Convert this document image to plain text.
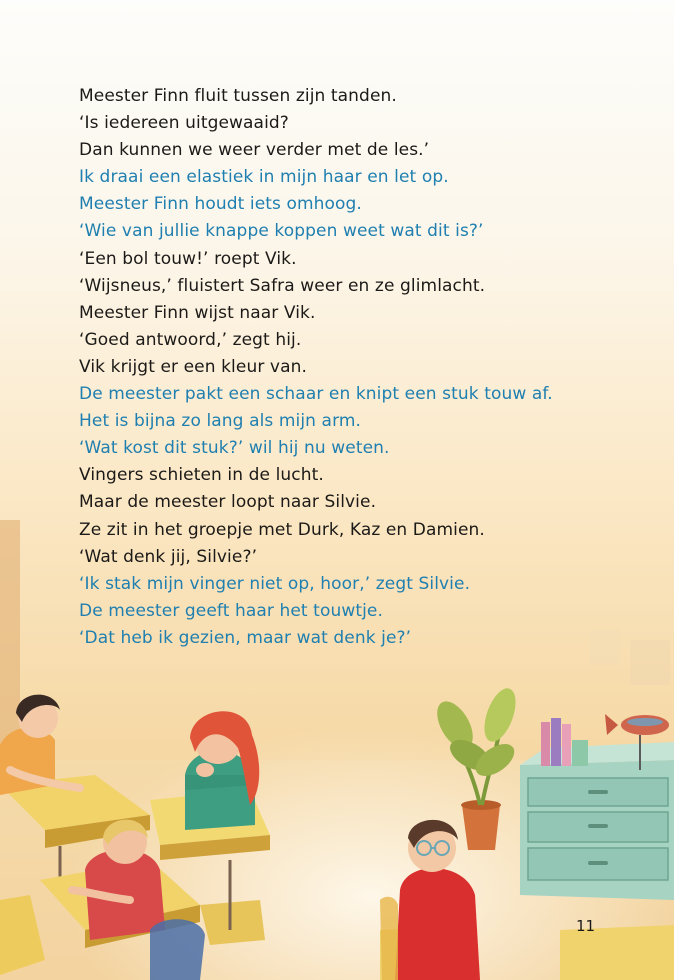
Meester Finn fluit tussen zijn tanden.
‘Is iedereen uitgewaaid?
Dan kunnen we weer verder met de les.’
Ik draai een elastiek in mijn haar en let op.
Meester Finn houdt iets omhoog.
‘Wie van jullie knappe koppen weet wat dit is?’
‘Een bol touw!’ roept Vik.
‘Wijsneus,’ fluistert Safra weer en ze glimlacht.
Meester Finn wijst naar Vik.
‘Goed antwoord,’ zegt hij.
Vik krijgt er een kleur van.
De meester pakt een schaar en knipt een stuk touw af.
Het is bijna zo lang als mijn arm.
‘Wat kost dit stuk?’ wil hij nu weten.
Vingers schieten in de lucht.
Maar de meester loopt naar Silvie.
Ze zit in het groepje met Durk, Kaz en Damien.
‘Wat denk jij, Silvie?’
‘Ik stak mijn vinger niet op, hoor,’ zegt Silvie.
De meester geeft haar het touwtje.
‘Dat heb ik gezien, maar wat denk je?’
11
